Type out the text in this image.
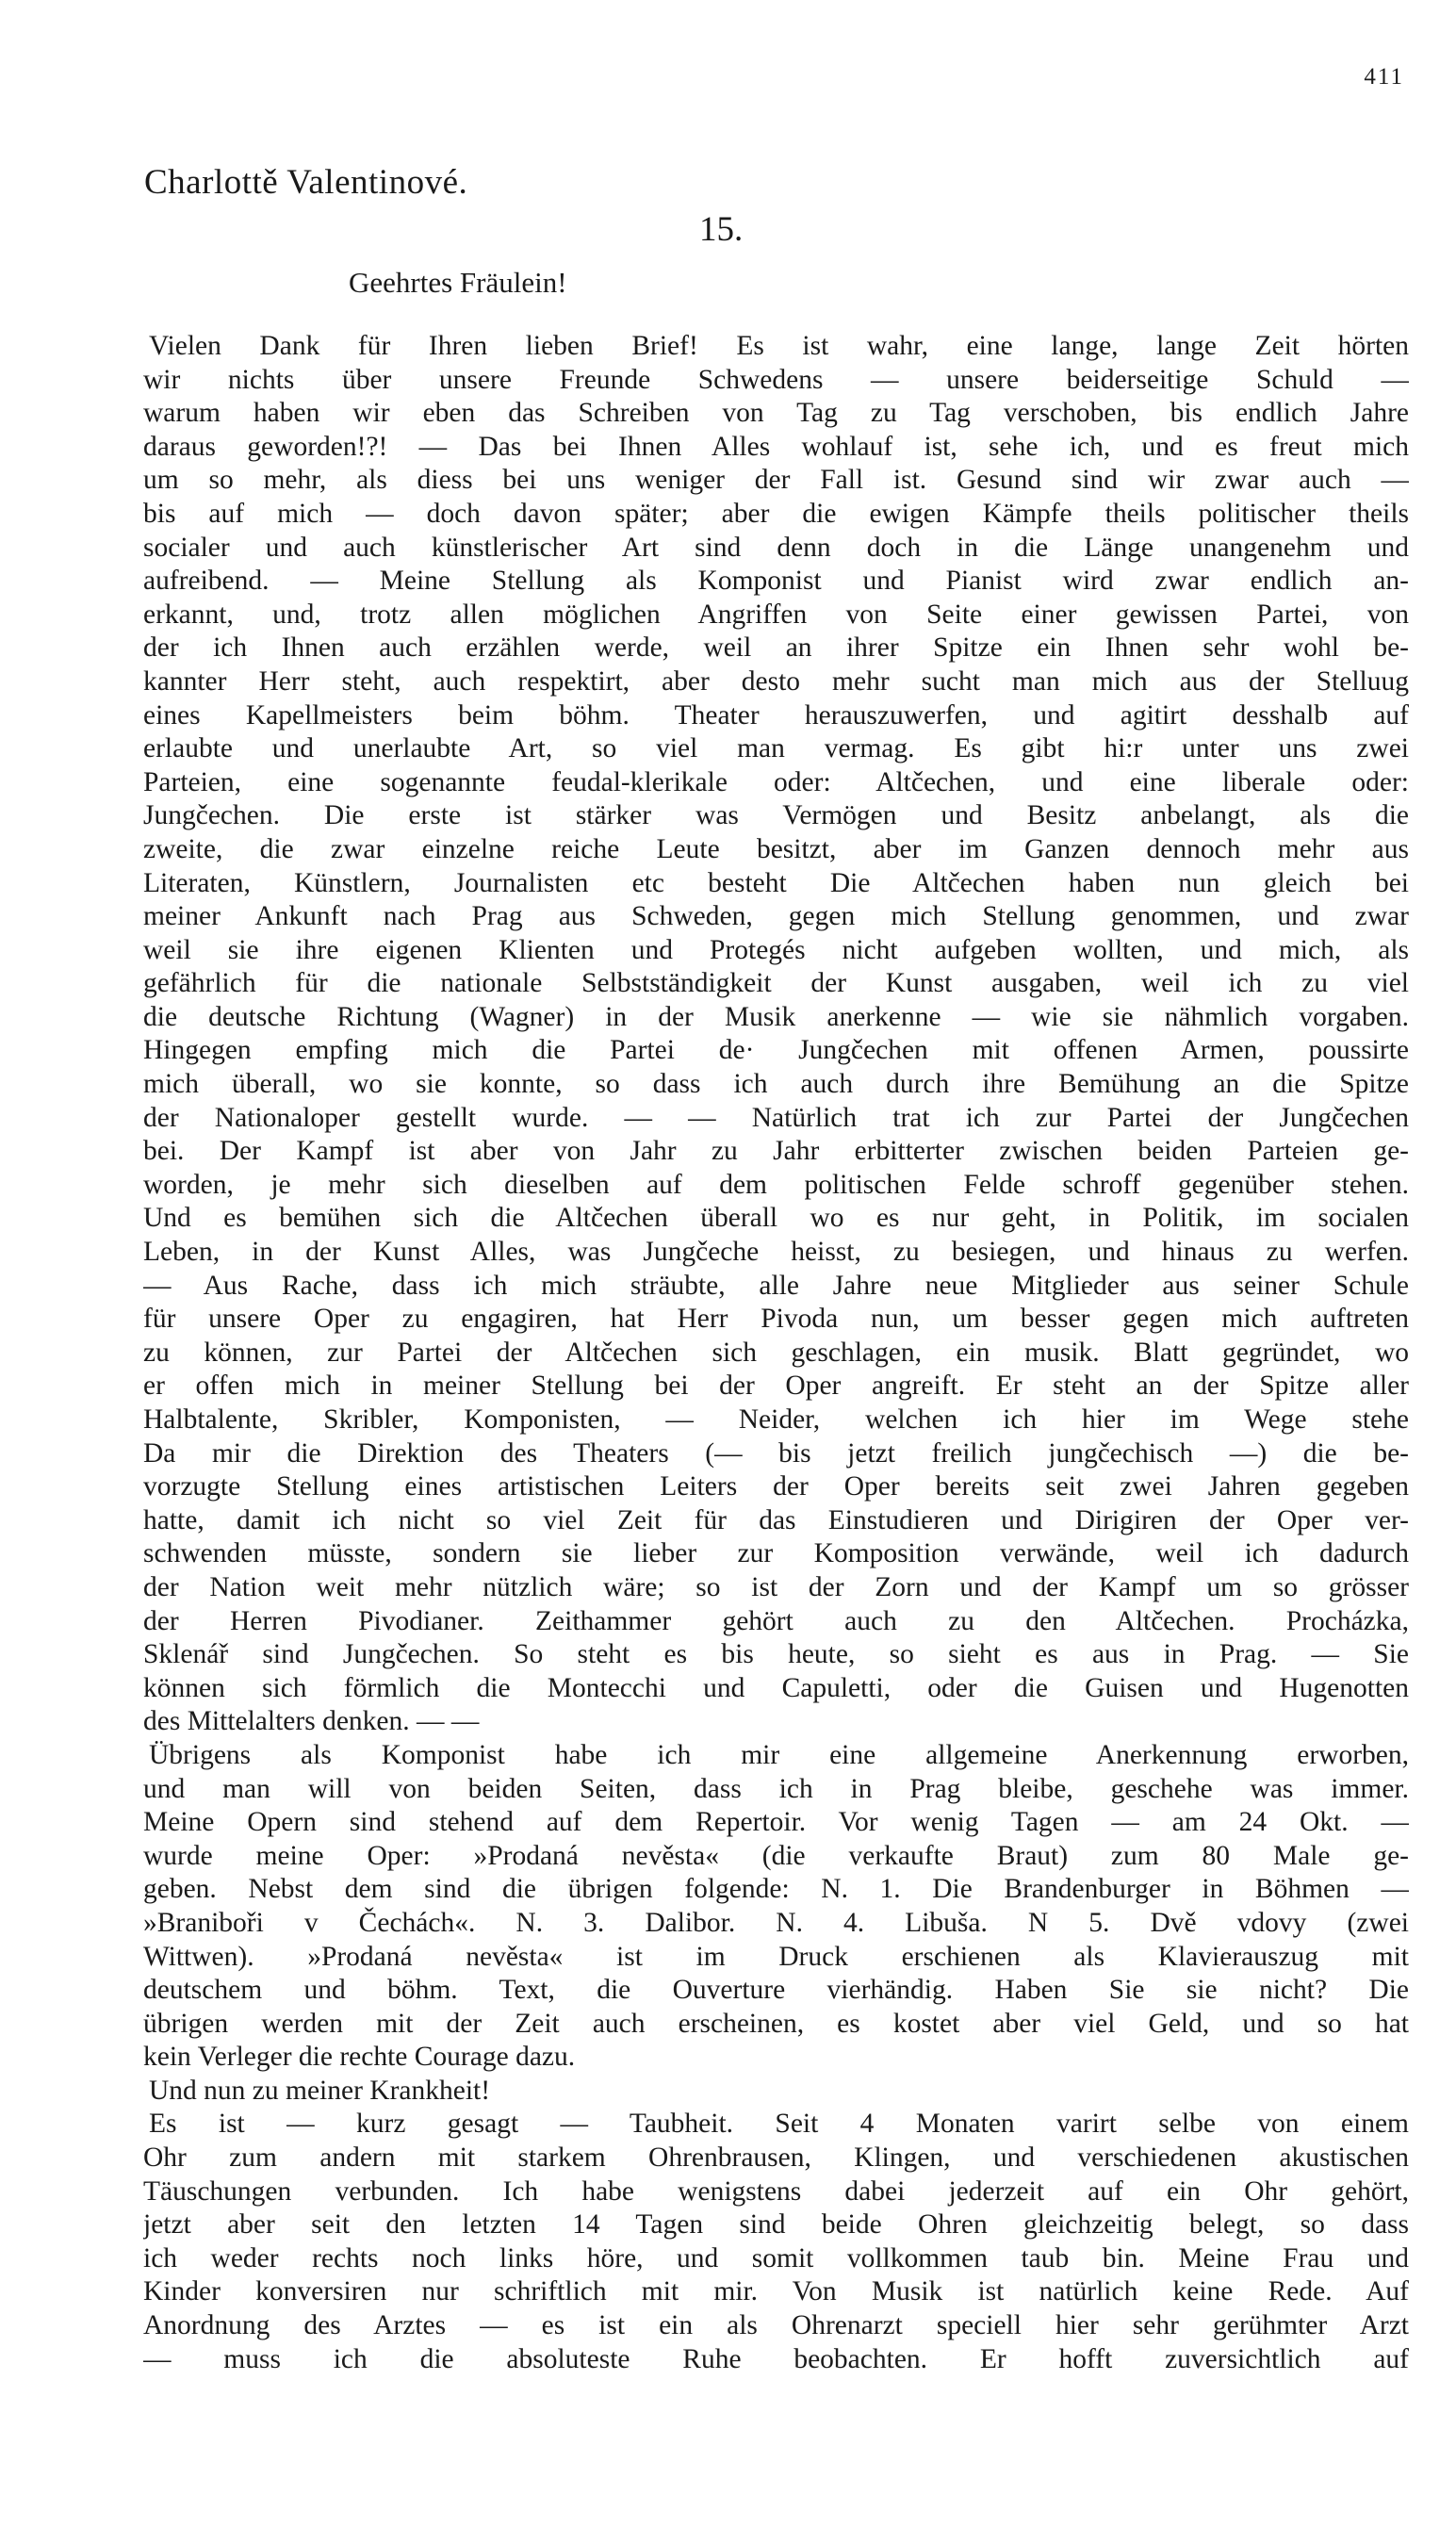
411
Charlottě Valentinové.
15.
Geehrtes Fräulein!
Vielen Dank für Ihren lieben Brief! Es ist wahr, eine lange, lange Zeit hörten
wir nichts über unsere Freunde Schwedens — unsere beiderseitige Schuld —
warum haben wir eben das Schreiben von Tag zu Tag verschoben, bis endlich Jahre
daraus geworden!?! — Das bei Ihnen Alles wohlauf ist, sehe ich, und es freut mich
um so mehr, als diess bei uns weniger der Fall ist. Gesund sind wir zwar auch —
bis auf mich — doch davon später; aber die ewigen Kämpfe theils politischer theils
socialer und auch künstlerischer Art sind denn doch in die Länge unangenehm und
aufreibend. — Meine Stellung als Komponist und Pianist wird zwar endlich an-
erkannt, und, trotz allen möglichen Angriffen von Seite einer gewissen Partei, von
der ich Ihnen auch erzählen werde, weil an ihrer Spitze ein Ihnen sehr wohl be-
kannter Herr steht, auch respektirt, aber desto mehr sucht man mich aus der Stelluug
eines Kapellmeisters beim böhm. Theater herauszuwerfen, und agitirt desshalb auf
erlaubte und unerlaubte Art, so viel man vermag. Es gibt hi:r unter uns zwei
Parteien, eine sogenannte feudal-klerikale oder: Altčechen, und eine liberale oder:
Jungčechen. Die erste ist stärker was Vermögen und Besitz anbelangt, als die
zweite, die zwar einzelne reiche Leute besitzt, aber im Ganzen dennoch mehr aus
Literaten, Künstlern, Journalisten etc besteht Die Altčechen haben nun gleich bei
meiner Ankunft nach Prag aus Schweden, gegen mich Stellung genommen, und zwar
weil sie ihre eigenen Klienten und Protegés nicht aufgeben wollten, und mich, als
gefährlich für die nationale Selbstständigkeit der Kunst ausgaben, weil ich zu viel
die deutsche Richtung (Wagner) in der Musik anerkenne — wie sie nähmlich vorgaben.
Hingegen empfing mich die Partei de· Jungčechen mit offenen Armen, poussirte
mich überall, wo sie konnte, so dass ich auch durch ihre Bemühung an die Spitze
der Nationaloper gestellt wurde. — — Natürlich trat ich zur Partei der Jungčechen
bei. Der Kampf ist aber von Jahr zu Jahr erbitterter zwischen beiden Parteien ge-
worden, je mehr sich dieselben auf dem politischen Felde schroff gegenüber stehen.
Und es bemühen sich die Altčechen überall wo es nur geht, in Politik, im socialen
Leben, in der Kunst Alles, was Jungčeche heisst, zu besiegen, und hinaus zu werfen.
— Aus Rache, dass ich mich sträubte, alle Jahre neue Mitglieder aus seiner Schule
für unsere Oper zu engagiren, hat Herr Pivoda nun, um besser gegen mich auftreten
zu können, zur Partei der Altčechen sich geschlagen, ein musik. Blatt gegründet, wo
er offen mich in meiner Stellung bei der Oper angreift. Er steht an der Spitze aller
Halbtalente, Skribler, Komponisten, — Neider, welchen ich hier im Wege stehe
Da mir die Direktion des Theaters (— bis jetzt freilich jungčechisch —) die be-
vorzugte Stellung eines artistischen Leiters der Oper bereits seit zwei Jahren gegeben
hatte, damit ich nicht so viel Zeit für das Einstudieren und Dirigiren der Oper ver-
schwenden müsste, sondern sie lieber zur Komposition verwände, weil ich dadurch
der Nation weit mehr nützlich wäre; so ist der Zorn und der Kampf um so grösser
der Herren Pivodianer. Zeithammer gehört auch zu den Altčechen. Procházka,
Sklenář sind Jungčechen. So steht es bis heute, so sieht es aus in Prag. — Sie
können sich förmlich die Montecchi und Capuletti, oder die Guisen und Hugenotten
des Mittelalters denken. — —
Übrigens als Komponist habe ich mir eine allgemeine Anerkennung erworben,
und man will von beiden Seiten, dass ich in Prag bleibe, geschehe was immer.
Meine Opern sind stehend auf dem Repertoir. Vor wenig Tagen — am 24 Okt. —
wurde meine Oper: »Prodaná nevěsta« (die verkaufte Braut) zum 80 Male ge-
geben. Nebst dem sind die übrigen folgende: N. 1. Die Brandenburger in Böhmen —
»Braniboři v Čechách«. N. 3. Dalibor. N. 4. Libuša. N 5. Dvě vdovy (zwei
Wittwen). »Prodaná nevěsta« ist im Druck erschienen als Klavierauszug mit
deutschem und böhm. Text, die Ouverture vierhändig. Haben Sie sie nicht? Die
übrigen werden mit der Zeit auch erscheinen, es kostet aber viel Geld, und so hat
kein Verleger die rechte Courage dazu.
Und nun zu meiner Krankheit!
Es ist — kurz gesagt — Taubheit. Seit 4 Monaten varirt selbe von einem
Ohr zum andern mit starkem Ohrenbrausen, Klingen, und verschiedenen akustischen
Täuschungen verbunden. Ich habe wenigstens dabei jederzeit auf ein Ohr gehört,
jetzt aber seit den letzten 14 Tagen sind beide Ohren gleichzeitig belegt, so dass
ich weder rechts noch links höre, und somit vollkommen taub bin. Meine Frau und
Kinder konversiren nur schriftlich mit mir. Von Musik ist natürlich keine Rede. Auf
Anordnung des Arztes — es ist ein als Ohrenarzt speciell hier sehr gerühmter Arzt
— muss ich die absoluteste Ruhe beobachten. Er hofft zuversichtlich auf
